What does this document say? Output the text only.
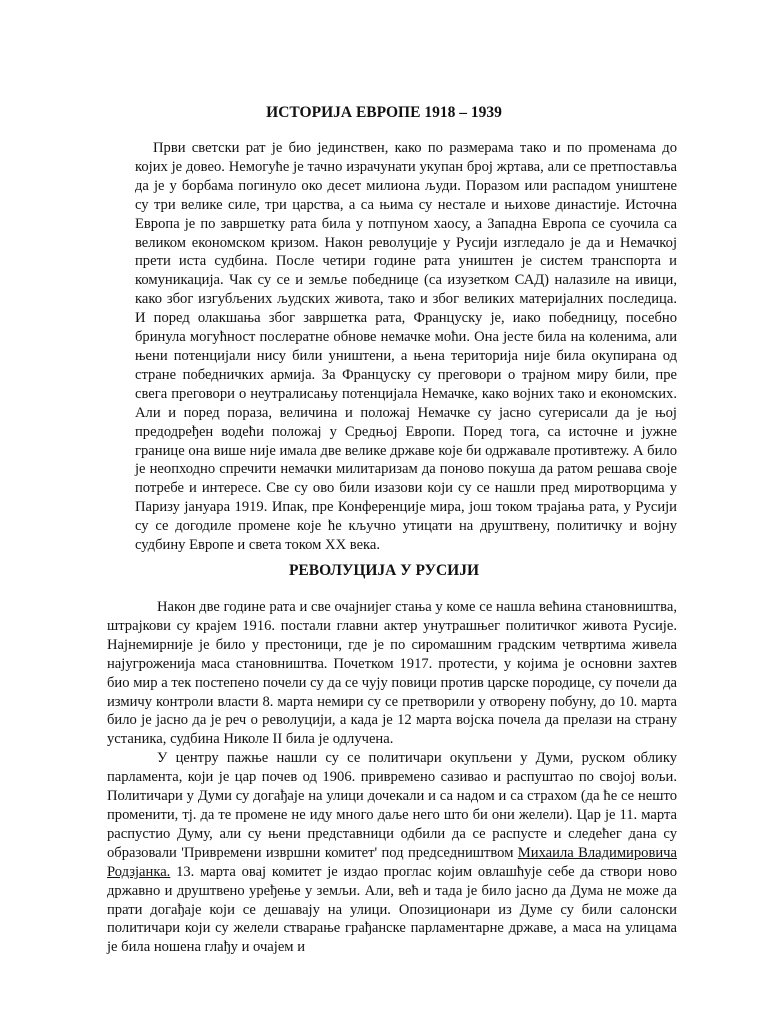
ИСТОРИЈА ЕВРОПЕ 1918 – 1939

Први светски рат је био јединствен, како по размерама тако и по променама до којих је довео. Немогуће је тачно израчунати укупан број жртава, али се претпоставља да је у борбама погинуло око десет милиона људи. Поразом или распадом уништене су три велике силе, три царства, а са њима су нестале и њихове династије. Источна Европа је по завршетку рата била у потпуном хаосу, а Западна Европа се суочила са великом економском кризом. Након револуције у Русији изгледало је да и Немачкој прети иста судбина. После четири године рата уништен је систем транспорта и комуникација. Чак су се и земље победнице (са изузетком САД) налазиле на ивици, како због изгубљених људских живота, тако и због великих материјалних последица. И поред олакшања због завршетка рата, Француску је, иако победницу, посебно бринула могућност послератне обнове немачке моћи. Она јесте била на коленима, али њени потенцијали нису били уништени, а њена територија није била окупирана од стране победничких армија. За Француску су преговори о трајном миру били, пре свега преговори о неутралисању потенцијала Немачке, како војних тако и економских. Али и поред пораза, величина и положај Немачке су јасно сугерисали да је њој предодређен водећи положај у Средњој Европи. Поред тога, са источне и јужне границе она више није имала две велике државе које би одржавале противтежу. А било је неопходно спречити немачки милитаризам да поново покуша да ратом решава своје потребе и интересе. Све су ово били изазови који су се нашли пред миротворцима у Паризу јануара 1919. Ипак, пре Конференције мира, још током трајања рата, у Русији су се догодиле промене које ће кључно утицати на друштвену, политичку и војну судбину Европе и света током XX века.

РЕВОЛУЦИЈА У РУСИЈИ

Након две године рата и све очајнијег стања у коме се нашла већина становништва, штрајкови су крајем 1916. постали главни актер унутрашњег политичког живота Русије. Најнемирније је било у престоници, где је по сиромашним градским четвртима живела најугроженија маса становништва. Почетком 1917. протести, у којима је основни захтев био мир а тек постепено почели су да се чују повици против царске породице, су почели да измичу контроли власти 8. марта немири су се претворили у отворену побуну, до 10. марта било је јасно да је реч о револуцији, а када је 12 марта војска почела да прелази на страну устаника, судбина Николе II била је одлучена.

У центру пажње нашли су се политичари окупљени у Думи, руском облику парламента, који је цар почев од 1906. привремено сазивао и распуштао по својој вољи. Политичари у Думи су догађаје на улици дочекали и са надом и са страхом (да ће се нешто променити, тј. да те промене не иду много даље него што би они желели). Цар је 11. марта распустио Думу, али су њени представници одбили да се распусте и следећег дана су образовали 'Привремени извршни комитет' под председништвом Михаила Владимировича Родзјанка. 13. марта овај комитет је издао проглас којим овлашћује себе да створи ново државно и друштвено уређење у земљи. Али, већ и тада је било јасно да Дума не може да прати догађаје који се дешавају на улици. Опозиционари из Думе су били салонски политичари који су желели стварање грађанске парламентарне државе, а маса на улицама је била ношена глађу и очајем и
